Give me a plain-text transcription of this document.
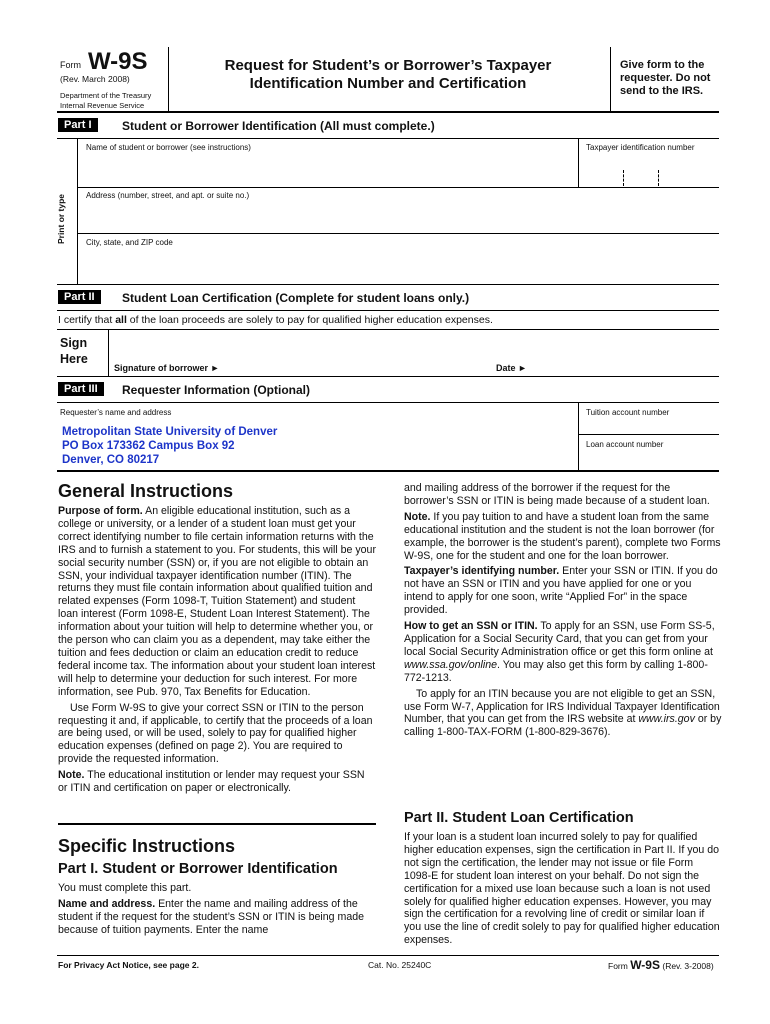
Form W-9S
(Rev. March 2008)
Department of the Treasury
Internal Revenue Service
Request for Student’s or Borrower’s Taxpayer
Identification Number and Certification
Give form to the
requester. Do not
send to the IRS.
Part I	Student or Borrower Identification (All must complete.)
Print or type
Name of student or borrower (see instructions)	Taxpayer identification number
Address (number, street, and apt. or suite no.)
City, state, and ZIP code
Part II	Student Loan Certification (Complete for student loans only.)
I certify that all of the loan proceeds are solely to pay for qualified higher education expenses.
Sign
Here
Signature of borrower ►	Date ►
Part III	Requester Information (Optional)
Requester’s name and address
Metropolitan State University of Denver
PO Box 173362 Campus Box 92
Denver, CO 80217
Tuition account number
Loan account number
General Instructions

Purpose of form. An eligible educational institution, such as a college or university, or a lender of a student loan must get your correct identifying number to file certain information returns with the IRS and to furnish a statement to you. For students, this will be your social security number (SSN) or, if you are not eligible to obtain an SSN, your individual taxpayer identification number (ITIN). The returns they must file contain information about qualified tuition and related expenses (Form 1098-T, Tuition Statement) and student loan interest (Form 1098-E, Student Loan Interest Statement). The information about your tuition will help to determine whether you, or the person who can claim you as a dependent, may take either the tuition and fees deduction or claim an education credit to reduce federal income tax. The information about your student loan interest will help to determine your deduction for such interest. For more information, see Pub. 970, Tax Benefits for Education.

Use Form W-9S to give your correct SSN or ITIN to the person requesting it and, if applicable, to certify that the proceeds of a loan are being used, or will be used, solely to pay for qualified higher education expenses (defined on page 2). You are required to provide the requested information.

Note. The educational institution or lender may request your SSN or ITIN and certification on paper or electronically.

Specific Instructions
Part I. Student or Borrower Identification

You must complete this part.

Name and address. Enter the name and mailing address of the student if the request for the student’s SSN or ITIN is being made because of tuition payments. Enter the name

and mailing address of the borrower if the request for the borrower’s SSN or ITIN is being made because of a student loan.

Note. If you pay tuition to and have a student loan from the same educational institution and the student is not the loan borrower (for example, the borrower is the student’s parent), complete two Forms W-9S, one for the student and one for the loan borrower.

Taxpayer’s identifying number. Enter your SSN or ITIN. If you do not have an SSN or ITIN and you have applied for one or you intend to apply for one soon, write “Applied For” in the space provided.

How to get an SSN or ITIN. To apply for an SSN, use Form SS-5, Application for a Social Security Card, that you can get from your local Social Security Administration office or get this form online at www.ssa.gov/online. You may also get this form by calling 1-800-772-1213.

To apply for an ITIN because you are not eligible to get an SSN, use Form W-7, Application for IRS Individual Taxpayer Identification Number, that you can get from the IRS website at www.irs.gov or by calling 1-800-TAX-FORM (1-800-829-3676).

Part II. Student Loan Certification

If your loan is a student loan incurred solely to pay for qualified higher education expenses, sign the certification in Part II. If you do not sign the certification, the lender may not issue or file Form 1098-E for student loan interest on your behalf. Do not sign the certification for a mixed use loan because such a loan is not used solely for qualified higher education expenses. However, you may sign the certification for a revolving line of credit or similar loan if you use the line of credit solely to pay for qualified higher education expenses.

For Privacy Act Notice, see page 2.	Cat. No. 25240C	Form W-9S (Rev. 3-2008)
